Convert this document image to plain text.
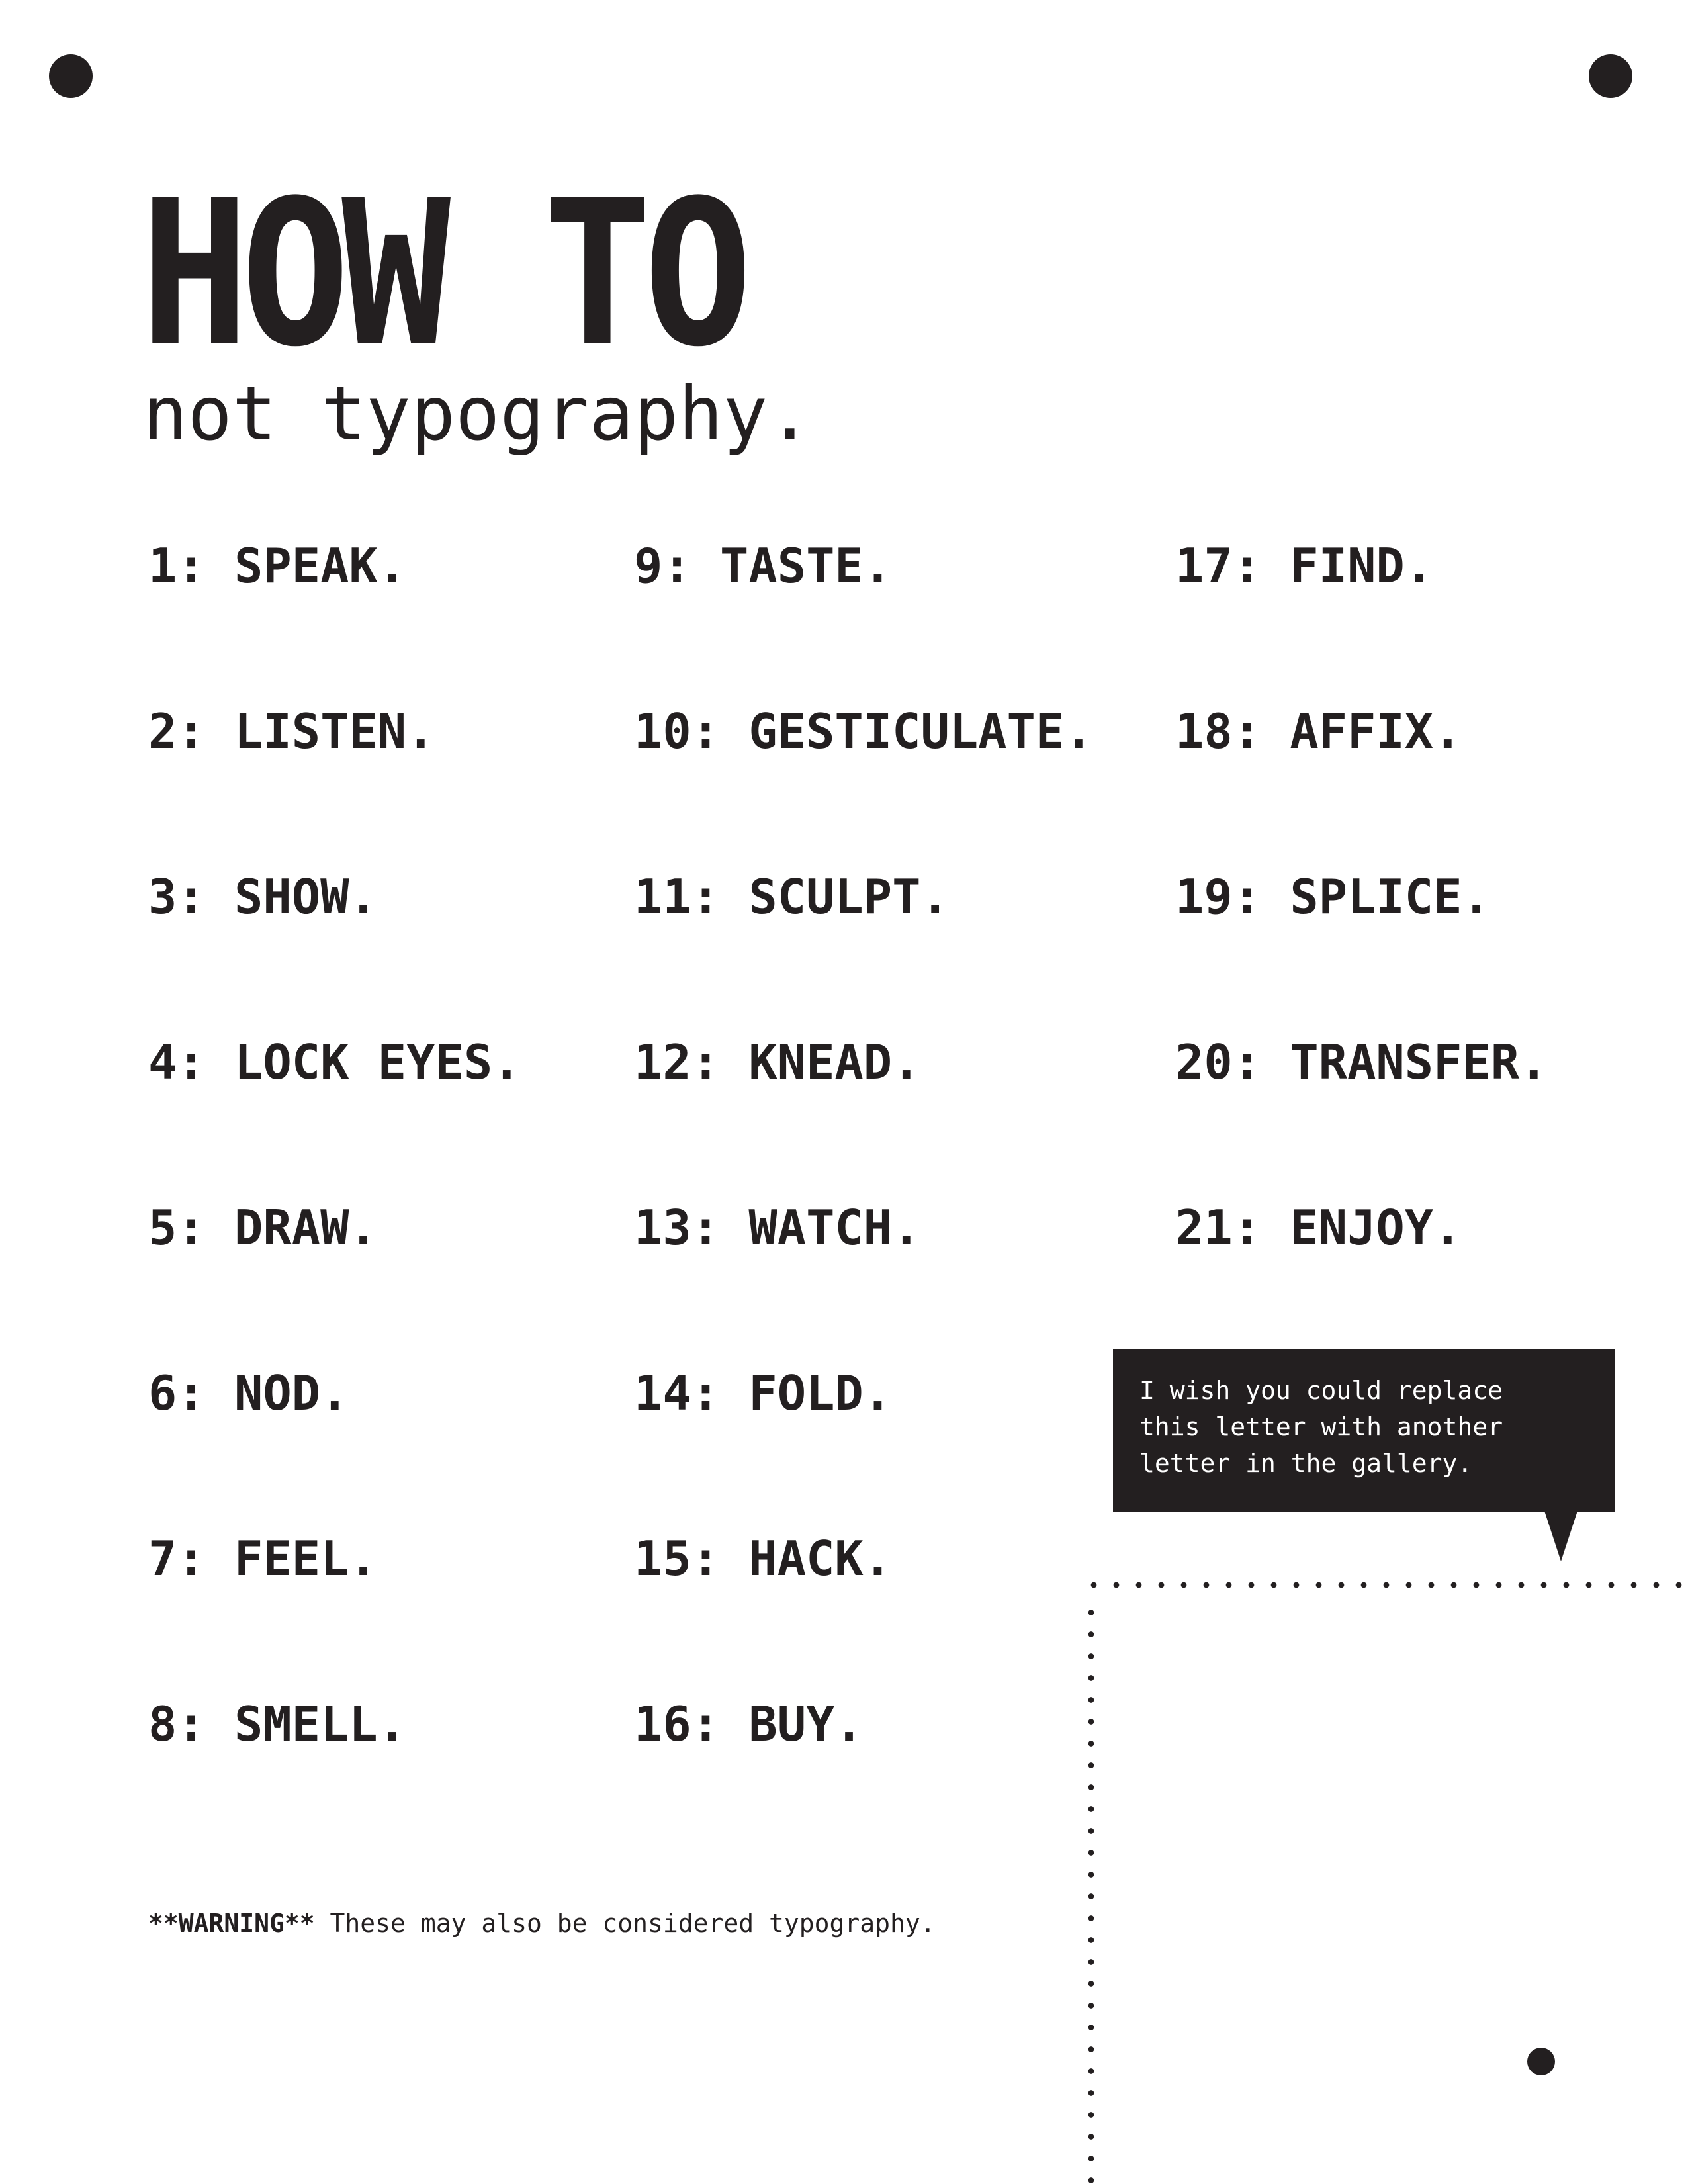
HOW TO
not typography.
1: SPEAK.
2: LISTEN.
3: SHOW.
4: LOCK EYES.
5: DRAW.
6: NOD.
7: FEEL.
8: SMELL.
9: TASTE.
10: GESTICULATE.
11: SCULPT.
12: KNEAD.
13: WATCH.
14: FOLD.
15: HACK.
16: BUY.
17: FIND.
18: AFFIX.
19: SPLICE.
20: TRANSFER.
21: ENJOY.

I wish you could replace
this letter with another
letter in the gallery.

**WARNING** These may also be considered typography.
